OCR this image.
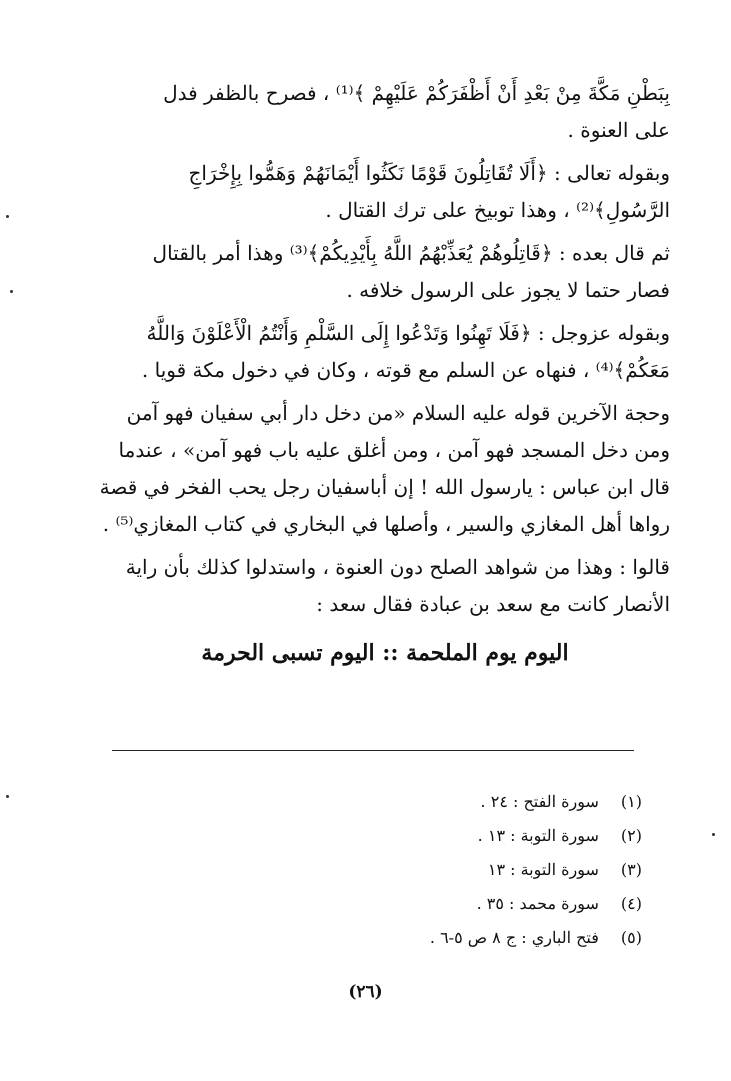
بِبَطْنِ مَكَّةَ مِنْ بَعْدِ أَنْ أَظْفَرَكُمْ عَلَيْهِمْ ﴾⁽¹⁾ ، فصرح بالظفر فدل
على العنوة .
وبقوله تعالى : ﴿أَلَا تُقَاتِلُونَ قَوْمًا نَكَثُوا أَيْمَانَهُمْ وَهَمُّوا بِإِخْرَاجِ
الرَّسُولِ﴾⁽²⁾ ، وهذا توبيخ على ترك القتال .
ثم قال بعده : ﴿قَاتِلُوهُمْ يُعَذِّبْهُمُ اللَّهُ بِأَيْدِيكُمْ﴾⁽³⁾ وهذا أمر بالقتال
فصار حتما لا يجوز على الرسول خلافه .
وبقوله عزوجل : ﴿فَلَا تَهِنُوا وَتَدْعُوا إِلَى السَّلْمِ وَأَنْتُمُ الْأَعْلَوْنَ وَاللَّهُ
مَعَكُمْ﴾⁽⁴⁾ ، فنهاه عن السلم مع قوته ، وكان في دخول مكة قويا .
وحجة الآخرين قوله عليه السلام «من دخل دار أبي سفيان فهو آمن
ومن دخل المسجد فهو آمن ، ومن أغلق عليه باب فهو آمن» ، عندما
قال ابن عباس : يارسول الله ! إن أباسفيان رجل يحب الفخر في قصة
رواها أهل المغازي والسير ، وأصلها في البخاري في كتاب المغازي⁽⁵⁾ .
قالوا : وهذا من شواهد الصلح دون العنوة ، واستدلوا كذلك بأن راية
الأنصار كانت مع سعد بن عبادة فقال سعد :
اليوم يوم الملحمة :: اليوم تسبى الحرمة
(١) سورة الفتح : ٢٤ .
(٢) سورة التوبة : ١٣ .
(٣) سورة التوبة : ١٣
(٤) سورة محمد : ٣٥ .
(٥) فتح الباري : ج ٨ ص ٥-٦ .
(٢٦)
